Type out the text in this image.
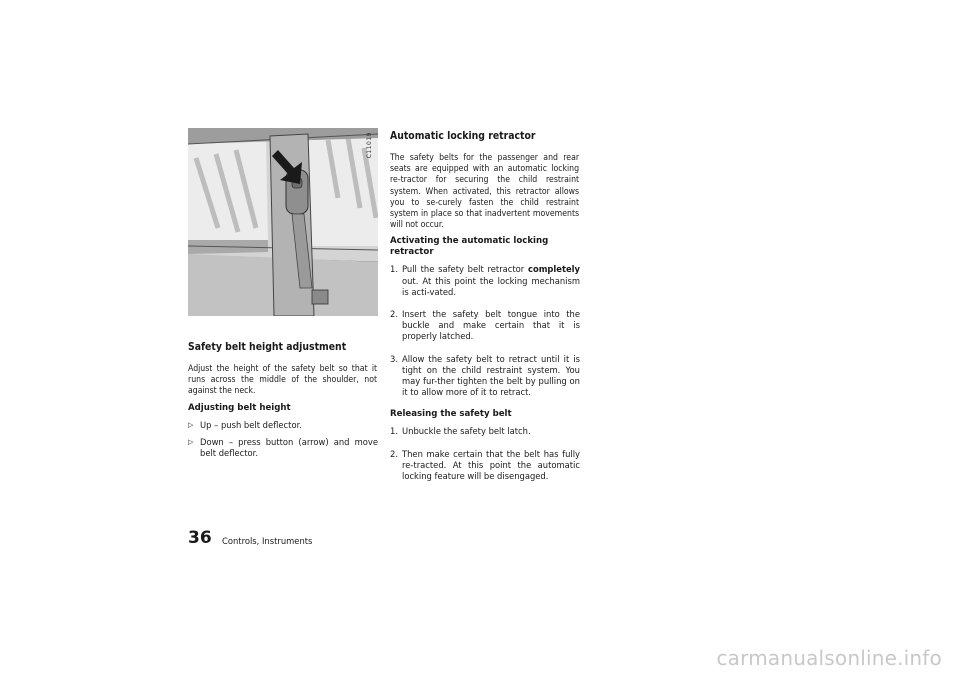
C11019
Safety belt height adjustment

Adjust the height of the safety belt so that it runs across the middle of the shoulder, not against the neck.

Adjusting belt height
▷ Up – push belt deflector.
▷ Down – press button (arrow) and move belt deflector.
Automatic locking retractor

The safety belts for the passenger and rear seats are equipped with an automatic locking re-tractor for securing the child restraint system. When activated, this retractor allows you to se-curely fasten the child restraint system in place so that inadvertent movements will not occur.

Activating the automatic locking retractor
1. Pull the safety belt retractor completely out. At this point the locking mechanism is acti-vated.
2. Insert the safety belt tongue into the buckle and make certain that it is properly latched.
3. Allow the safety belt to retract until it is tight on the child restraint system. You may fur-ther tighten the belt by pulling on it to allow more of it to retract.
Releasing the safety belt
1. Unbuckle the safety belt latch.
2. Then make certain that the belt has fully re-tracted. At this point the automatic locking feature will be disengaged.
36 Controls, Instruments
carmanualsonline.info
